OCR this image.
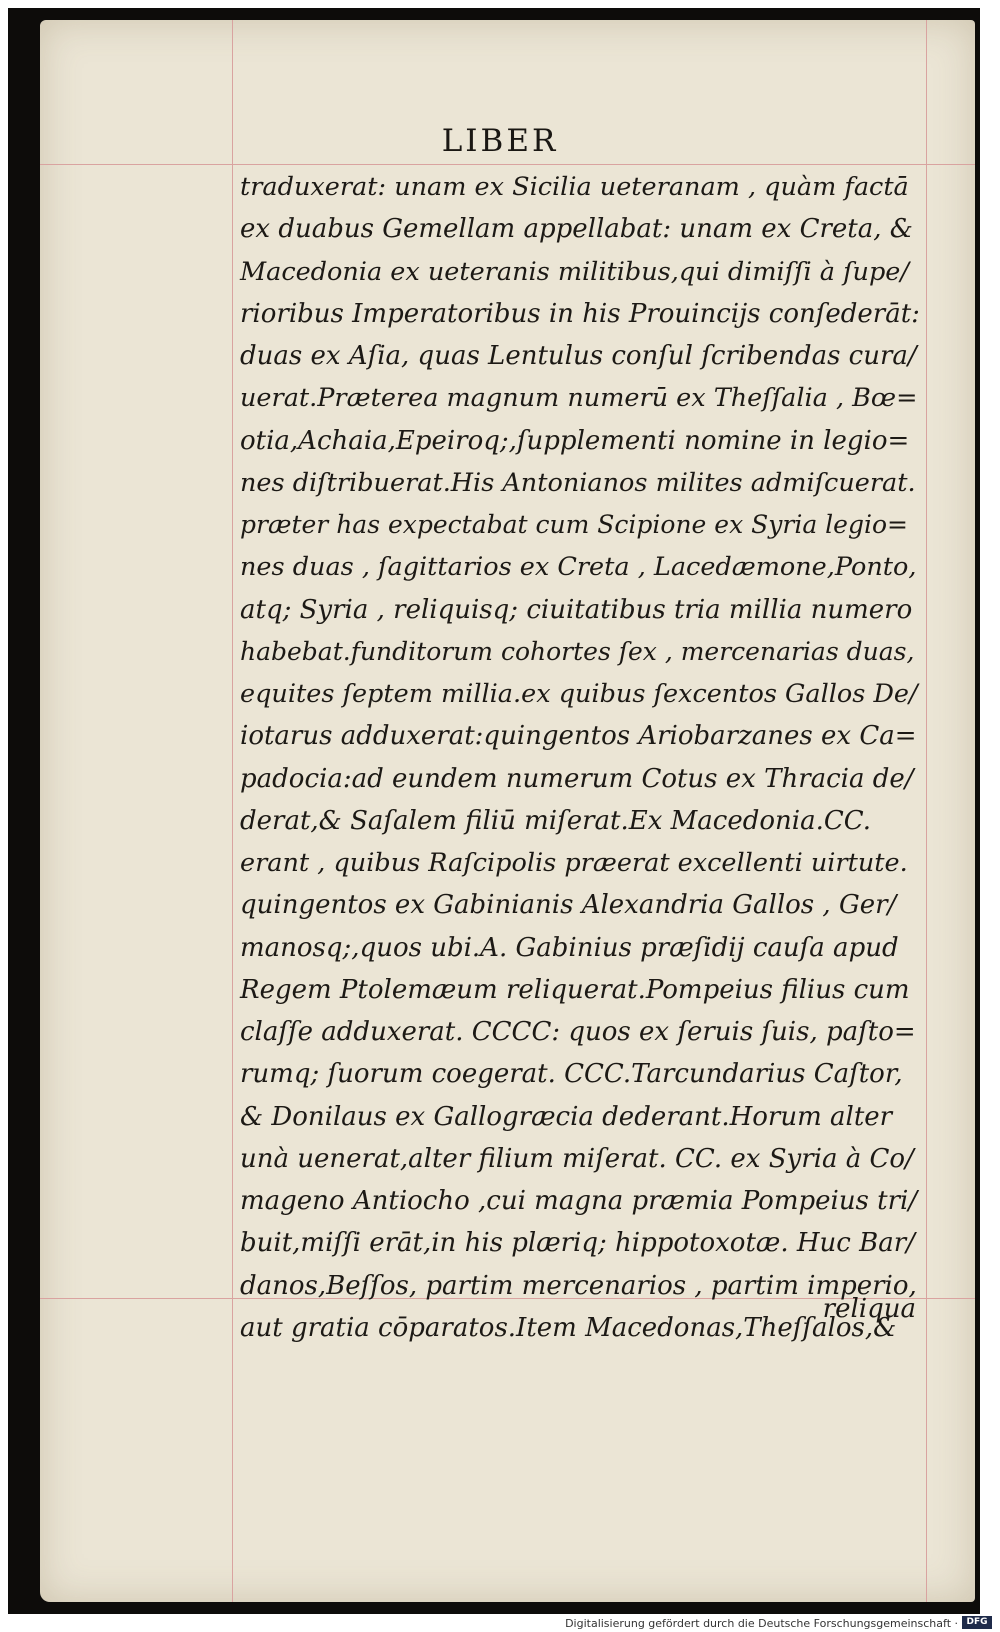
LIBER
traduxerat: unam ex Sicilia ueteranam , quàm factā
ex duabus Gemellam appellabat: unam ex Creta, &
Macedonia ex ueteranis militibus,qui dimiſſi à ſupe/
rioribus Imperatoribus in his Prouincijs conſederāt:
duas ex Aſia, quas Lentulus conſul ſcribendas cura/
uerat.Præterea magnum numerū ex Theſſalia , Bœ=
otia,Achaia,Epeiroq;,ſupplementi nomine in legio=
nes diſtribuerat.His Antonianos milites admiſcuerat.
præter has expectabat cum Scipione ex Syria legio=
nes duas , ſagittarios ex Creta , Lacedæmone,Ponto,
atq; Syria , reliquisq; ciuitatibus tria millia numero
habebat.funditorum cohortes ſex , mercenarias duas,
equites ſeptem millia.ex quibus ſexcentos Gallos De/
iotarus adduxerat:quingentos Ariobarzanes ex Ca=
padocia:ad eundem numerum Cotus ex Thracia de/
derat,& Saſalem filiū miſerat.Ex Macedonia.CC.
erant , quibus Raſcipolis præerat excellenti uirtute.
quingentos ex Gabinianis Alexandria Gallos , Ger/
manosq;,quos ubi.A. Gabinius præſidij cauſa apud
Regem Ptolemæum reliquerat.Pompeius filius cum
claſſe adduxerat. CCCC: quos ex ſeruis ſuis, paſto=
rumq; ſuorum coegerat. CCC.Tarcundarius Caſtor,
& Donilaus ex Gallogræcia dederant.Horum alter
unà uenerat,alter filium miſerat. CC. ex Syria à Co/
mageno Antiocho ,cui magna præmia Pompeius tri/
buit,miſſi erāt,in his plæriq; hippotoxotæ. Huc Bar/
danos,Beſſos, partim mercenarios , partim imperio,
aut gratia cōparatos.Item Macedonas,Theſſalos,&
reliqua
Digitalisierung gefördert durch die Deutsche Forschungsgemeinschaft · DFG
